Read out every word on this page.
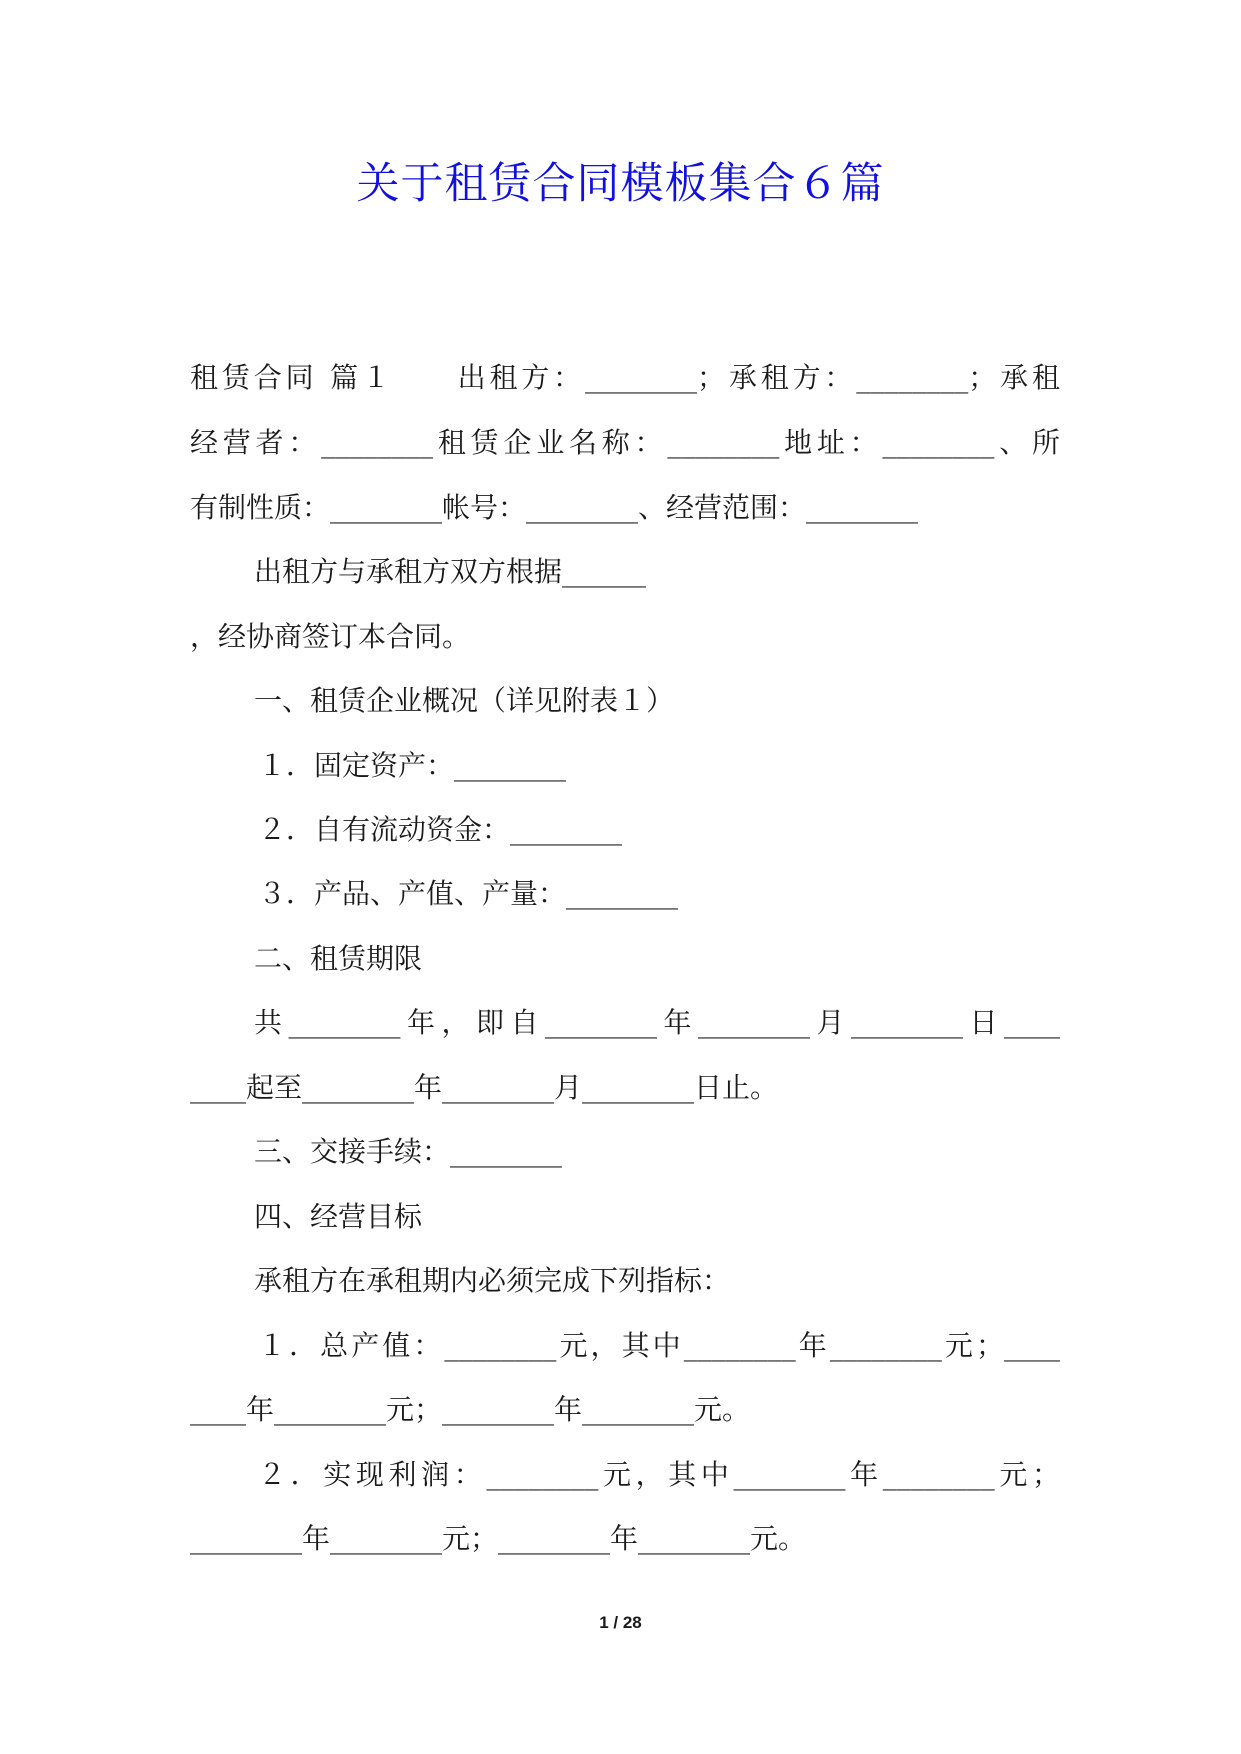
关于租赁合同模板集合６篇

租赁合同 篇１　　出租方：________；承租方：________；承租

经营者：________租赁企业名称：________地址：________、所

有制性质：________帐号：________、经营范围：________

出租方与承租方双方根据______

，经协商签订本合同。

一、租赁企业概况（详见附表１）

１．固定资产：________

２．自有流动资金：________

３．产品、产值、产量：________

二、租赁期限

共________年，即自________年________月________日____

____起至________年________月________日止。

三、交接手续：________

四、经营目标

承租方在承租期内必须完成下列指标：

１．总产值：________元，其中________年________元；____

____年________元；________年________元。

２．实现利润：________元，其中________年________元；

________年________元；________年________元。

1 / 28
